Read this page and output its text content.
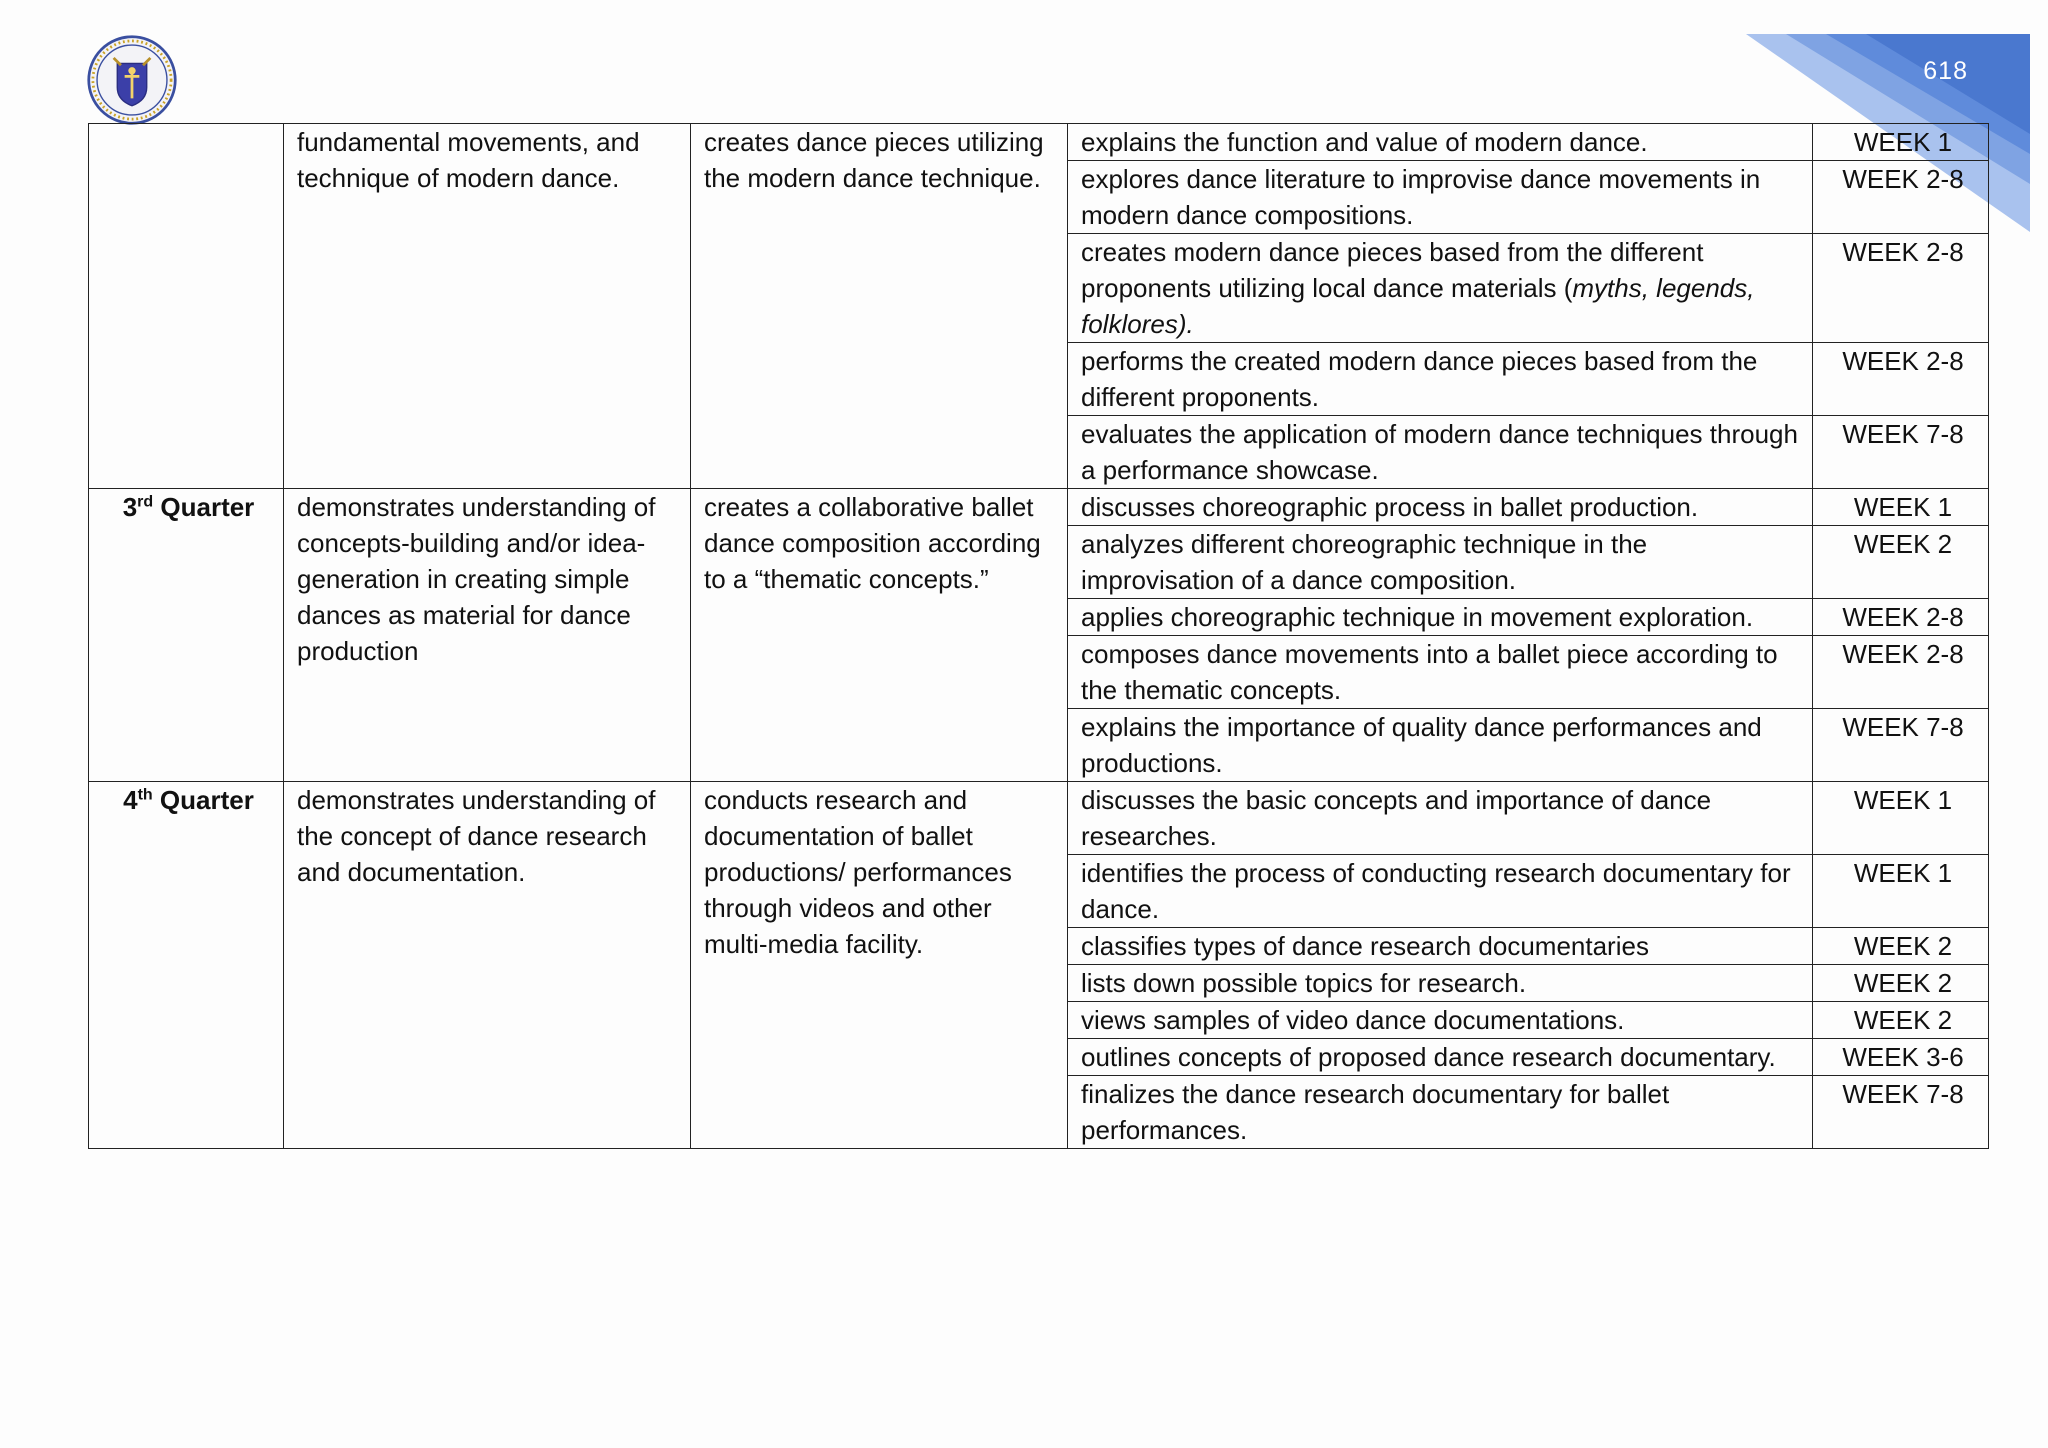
618
	fundamental movements, and technique of modern dance.	creates dance pieces utilizing the modern dance technique.	explains the function and value of modern dance.	WEEK 1
			explores dance literature to improvise dance movements in modern dance compositions.	WEEK 2-8
			creates modern dance pieces based from the different proponents utilizing local dance materials (myths, legends, folklores).	WEEK 2-8
			performs the created modern dance pieces based from the different proponents.	WEEK 2-8
			evaluates the application of modern dance techniques through a performance showcase.	WEEK 7-8
3rd Quarter	demonstrates understanding of concepts-building and/or idea-generation in creating simple dances as material for dance production	creates a collaborative ballet dance composition according to a “thematic concepts.”	discusses choreographic process in ballet production.	WEEK 1
			analyzes different choreographic technique in the improvisation of a dance composition.	WEEK 2
			applies choreographic technique in movement exploration.	WEEK 2-8
			composes dance movements into a ballet piece according to the thematic concepts.	WEEK 2-8
			explains the importance of quality dance performances and productions.	WEEK 7-8
4th Quarter	demonstrates understanding of the concept of dance research and documentation.	conducts research and documentation of ballet productions/ performances through videos and other multi-media facility.	discusses the basic concepts and importance of dance researches.	WEEK 1
			identifies the process of conducting research documentary for dance.	WEEK 1
			classifies types of dance research documentaries	WEEK 2
			lists down possible topics for research.	WEEK 2
			views samples of video dance documentations.	WEEK 2
			outlines concepts of proposed dance research documentary.	WEEK 3-6
			finalizes the dance research documentary for ballet performances.	WEEK 7-8
